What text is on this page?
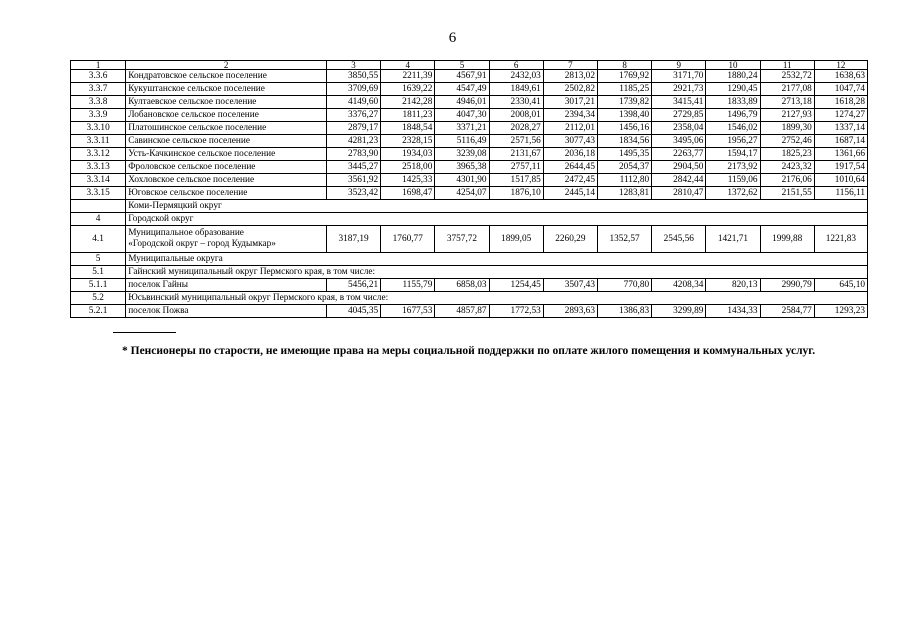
6
1	2	3	4	5	6	7	8	9	10	11	12
3.3.6	Кондратовское сельское поселение	3850,55	2211,39	4567,91	2432,03	2813,02	1769,92	3171,70	1880,24	2532,72	1638,63
3.3.7	Кукуштанское сельское поселение	3709,69	1639,22	4547,49	1849,61	2502,82	1185,25	2921,73	1290,45	2177,08	1047,74
3.3.8	Култаевское сельское поселение	4149,60	2142,28	4946,01	2330,41	3017,21	1739,82	3415,41	1833,89	2713,18	1618,28
3.3.9	Лобановское сельское поселение	3376,27	1811,23	4047,30	2008,01	2394,34	1398,40	2729,85	1496,79	2127,93	1274,27
3.3.10	Платошинское сельское поселение	2879,17	1848,54	3371,21	2028,27	2112,01	1456,16	2358,04	1546,02	1899,30	1337,14
3.3.11	Савинское сельское поселение	4281,23	2328,15	5116,49	2571,56	3077,43	1834,56	3495,06	1956,27	2752,46	1687,14
3.3.12	Усть-Качкинское сельское поселение	2783,90	1934,03	3239,08	2131,67	2036,18	1495,35	2263,77	1594,17	1825,23	1361,66
3.3.13	Фроловское сельское поселение	3445,27	2518,00	3965,38	2757,11	2644,45	2054,37	2904,50	2173,92	2423,32	1917,54
3.3.14	Хохловское сельское поселение	3561,92	1425,33	4301,90	1517,85	2472,45	1112,80	2842,44	1159,06	2176,06	1010,64
3.3.15	Юговское сельское поселение	3523,42	1698,47	4254,07	1876,10	2445,14	1283,81	2810,47	1372,62	2151,55	1156,11
	Коми-Пермяцкий округ										
4	Городской округ										
4.1	Муниципальное образование
«Городской округ – город Кудымкар»	3187,19	1760,77	3757,72	1899,05	2260,29	1352,57	2545,56	1421,71	1999,88	1221,83
5	Муниципальные округа										
5.1	Гайнский муниципальный округ Пермского края, в том числе:										
5.1.1	поселок Гайны	5456,21	1155,79	6858,03	1254,45	3507,43	770,80	4208,34	820,13	2990,79	645,10
5.2	Юсьвинский муниципальный округ Пермского края, в том числе:										
5.2.1	поселок Пожва	4045,35	1677,53	4857,87	1772,53	2893,63	1386,83	3299,89	1434,33	2584,77	1293,23
* Пенсионеры по старости, не имеющие права на меры социальной поддержки по оплате жилого помещения и коммунальных услуг.
